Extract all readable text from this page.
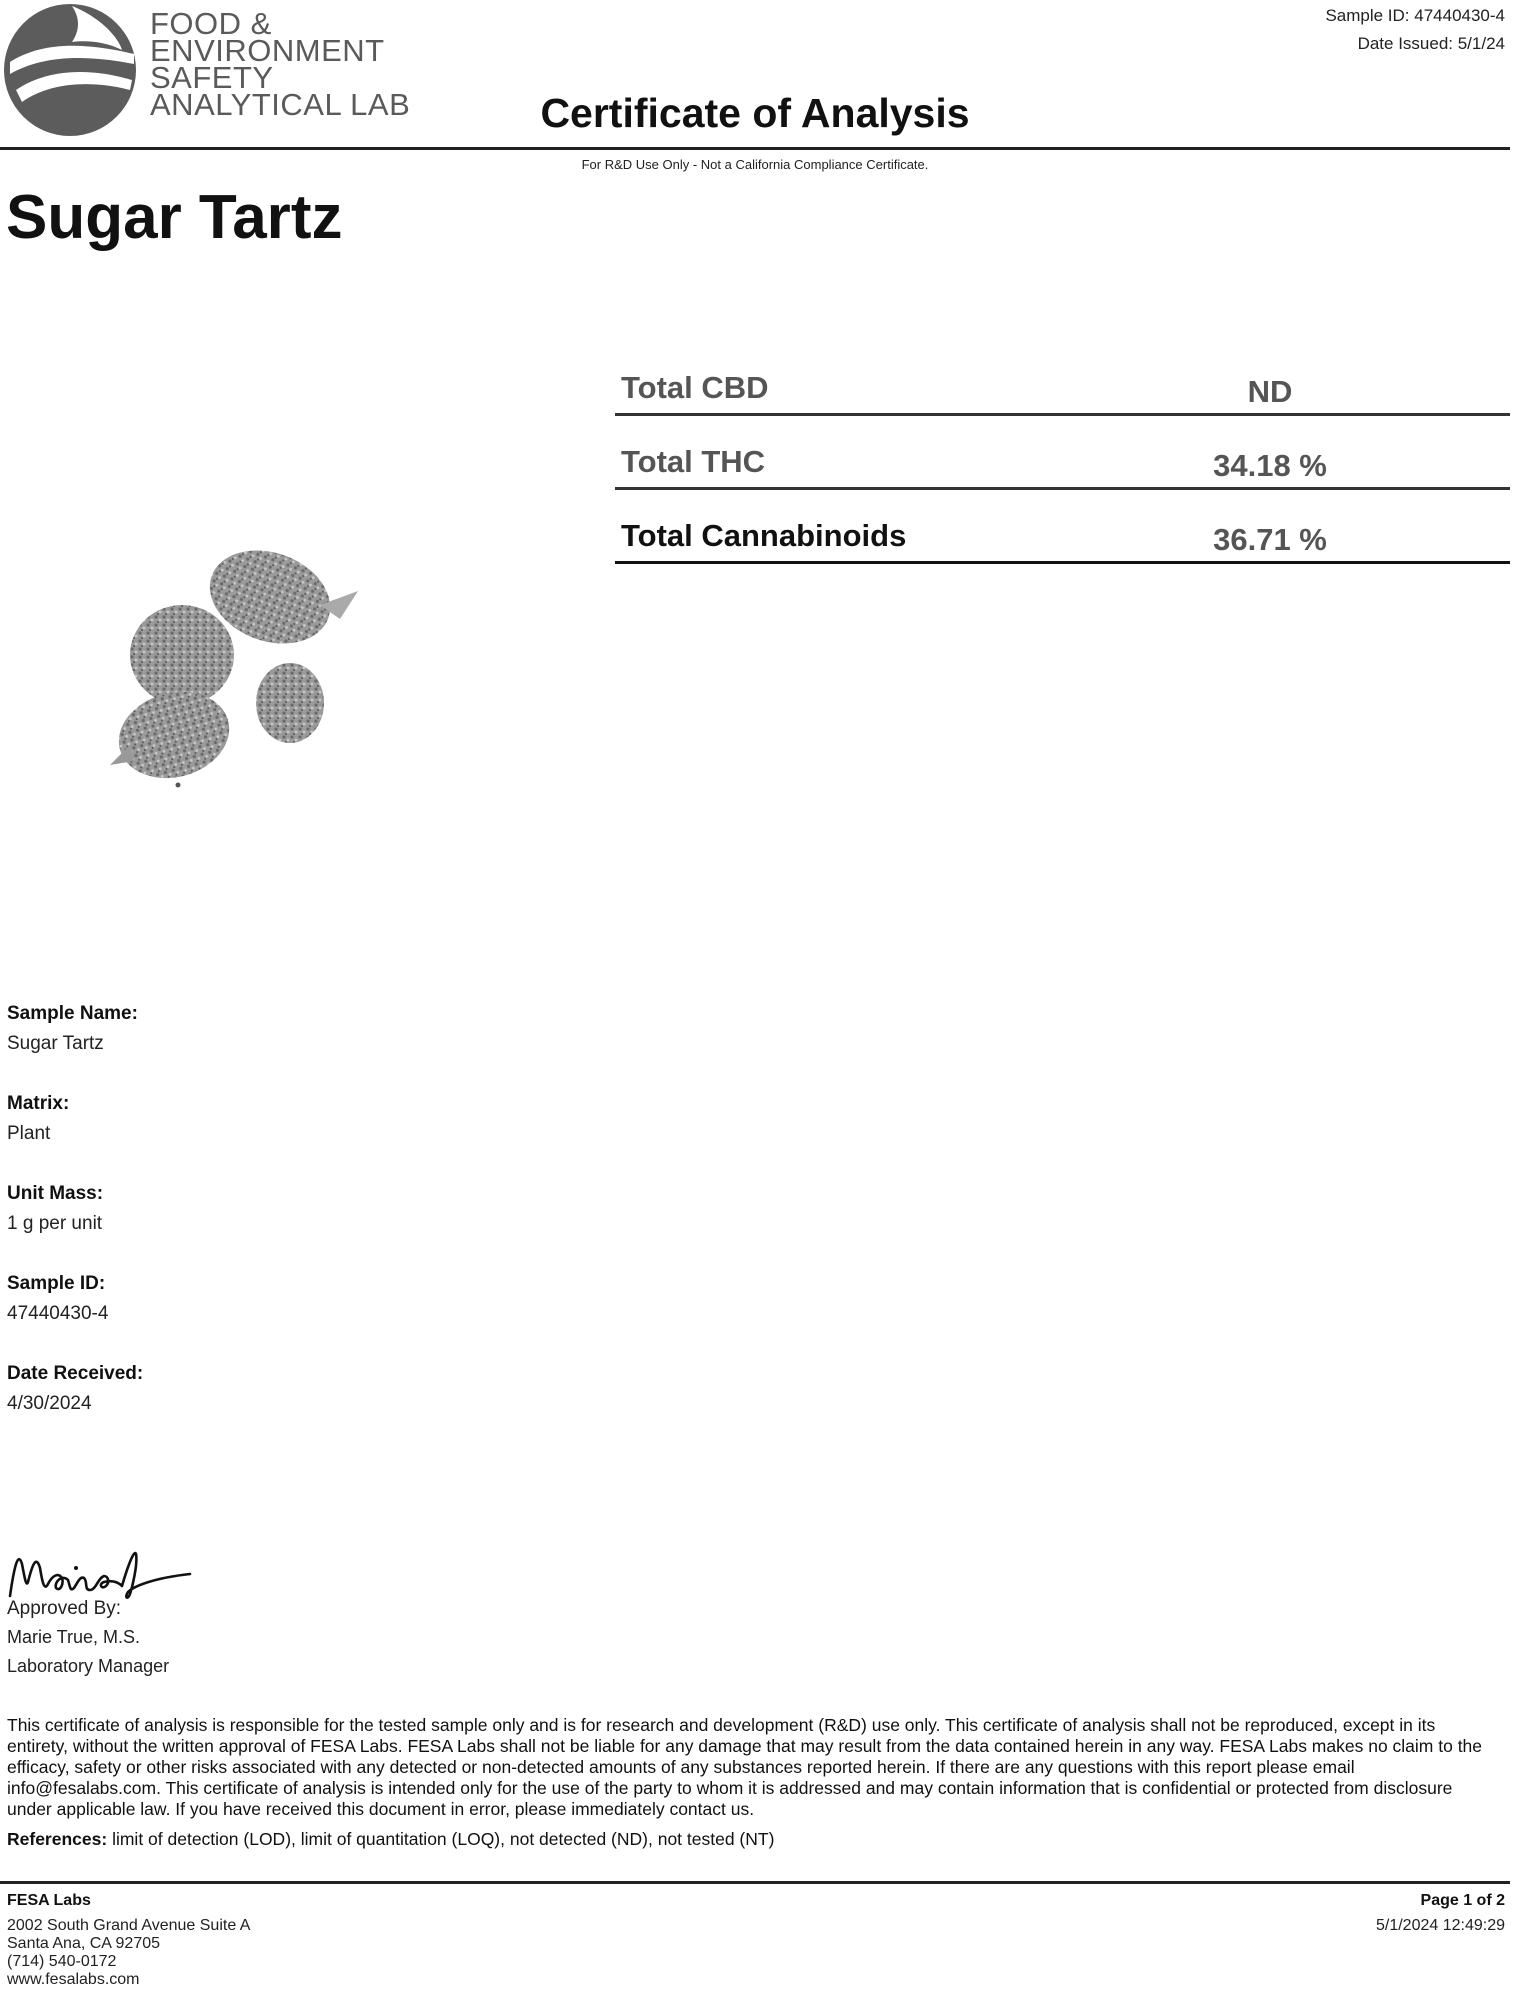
FOOD &
ENVIRONMENT
SAFETY
ANALYTICAL LAB	Certificate of Analysis
For R&D Use Only - Not a California Compliance Certificate.
Sample ID: 47440430-4
Date Issued: 5/1/24
Sugar Tartz
Total CBD	ND
Total THC	34.18 %
Total Cannabinoids	36.71 %
Sample Name:
Sugar Tartz
Matrix:
Plant
Unit Mass:
1 g per unit
Sample ID:
47440430-4
Date Received:
4/30/2024
Approved By:
Marie True, M.S.
Laboratory Manager
This certificate of analysis is responsible for the tested sample only and is for research and development (R&D) use only. This certificate of analysis shall not be reproduced, except in its entirety, without the written approval of FESA Labs. FESA Labs shall not be liable for any damage that may result from the data contained herein in any way. FESA Labs makes no claim to the efficacy, safety or other risks associated with any detected or non-detected amounts of any substances reported herein. If there are any questions with this report please email info@fesalabs.com. This certificate of analysis is intended only for the use of the party to whom it is addressed and may contain information that is confidential or protected from disclosure under applicable law. If you have received this document in error, please immediately contact us.
References: limit of detection (LOD), limit of quantitation (LOQ), not detected (ND), not tested (NT)
FESA Labs
2002 South Grand Avenue Suite A
Santa Ana, CA 92705
(714) 540-0172
www.fesalabs.com
Page 1 of 2
5/1/2024 12:49:29
